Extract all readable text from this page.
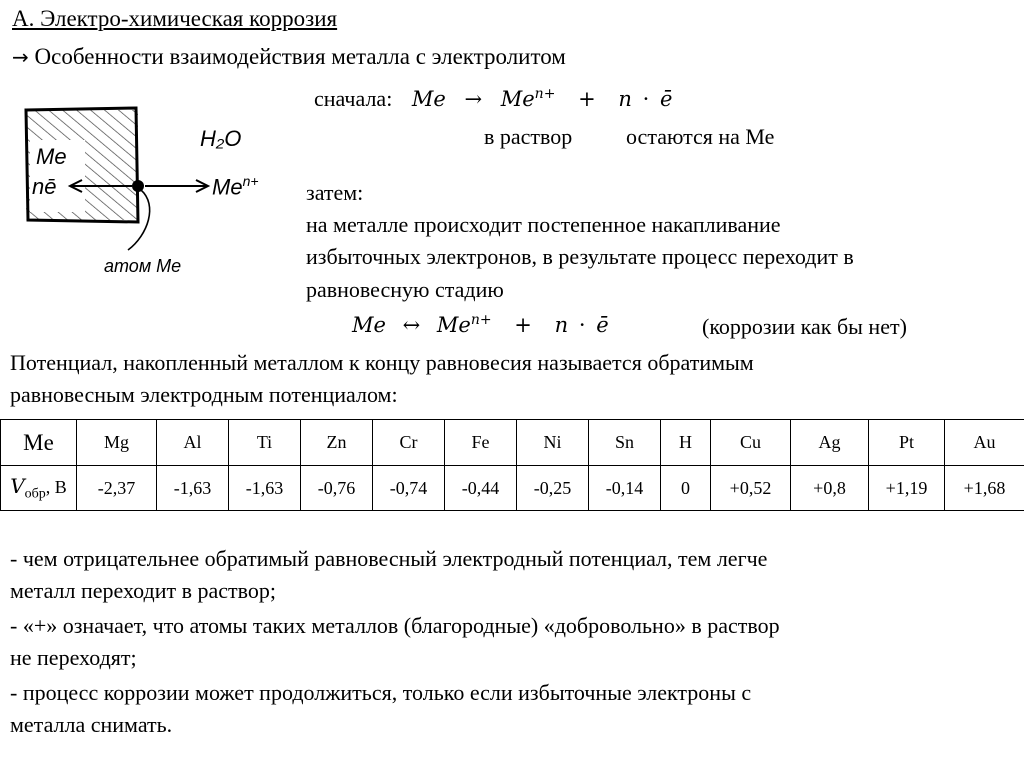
А. Электро-химическая коррозия
→ Особенности взаимодействия металла с электролитом
Me
nē
H₂O
$Me^{n+}$
атом Me
сначала: $Me \to Me^{n+} + n$ · ē
в раствор остаются на Ме
затем:
на металле происходит постепенное накапливание
избыточных электронов, в результате процесс переходит в
равновесную стадию
Me ↔ $Me^{n+} + n$ · ē	(коррозии как бы нет)
Потенциал, накопленный металлом к концу равновесия называется обратимым
равновесным электродным потенциалом:
Me	Mg	Al	Ti	Zn	Cr	Fe	Ni	Sn	H	Cu	Ag	Pt	Au
$V_{обр}$, В	-2,37	-1,63	-1,63	-0,76	-0,74	-0,44	-0,25	-0,14	0	+0,52	+0,8	+1,19	+1,68
- чем отрицательнее обратимый равновесный электродный потенциал, тем легче
металл переходит в раствор;
- «+» означает, что атомы таких металлов (благородные) «добровольно» в раствор
не переходят;
- процесс коррозии может продолжиться, только если избыточные электроны с
металла снимать.
